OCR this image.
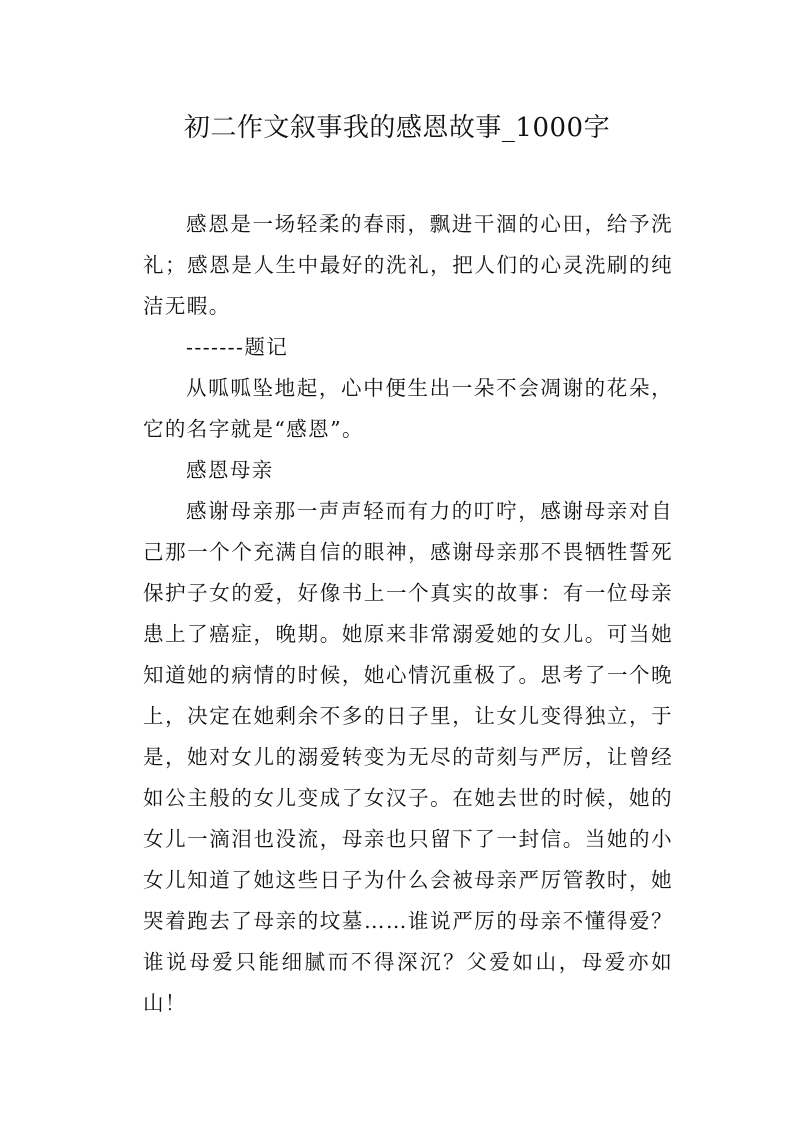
初二作文叙事我的感恩故事_1000字

感恩是一场轻柔的春雨，飘进干涸的心田，给予洗礼；感恩是人生中最好的洗礼，把人们的心灵洗刷的纯洁无暇。

-------题记

从呱呱坠地起，心中便生出一朵不会凋谢的花朵，它的名字就是“感恩”。

感恩母亲

感谢母亲那一声声轻而有力的叮咛，感谢母亲对自己那一个个充满自信的眼神，感谢母亲那不畏牺牲誓死保护子女的爱，好像书上一个真实的故事：有一位母亲患上了癌症，晚期。她原来非常溺爱她的女儿。可当她知道她的病情的时候，她心情沉重极了。思考了一个晚上，决定在她剩余不多的日子里，让女儿变得独立，于是，她对女儿的溺爱转变为无尽的苛刻与严厉，让曾经如公主般的女儿变成了女汉子。在她去世的时候，她的女儿一滴泪也没流，母亲也只留下了一封信。当她的小女儿知道了她这些日子为什么会被母亲严厉管教时，她哭着跑去了母亲的坟墓……谁说严厉的母亲不懂得爱？谁说母爱只能细腻而不得深沉？父爱如山，母爱亦如山！
